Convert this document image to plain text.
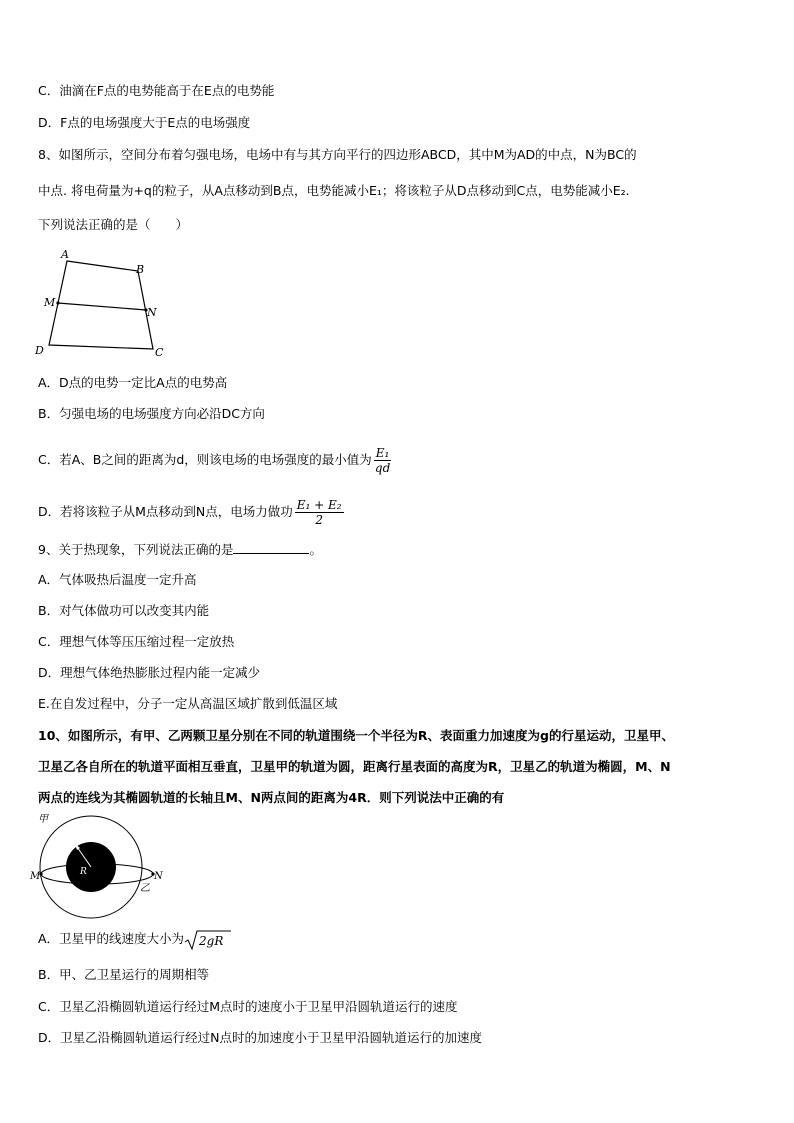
C．油滴在F点的电势能高于在E点的电势能
D．F点的电场强度大于E点的电场强度
8、如图所示，空间分布着匀强电场，电场中有与其方向平行的四边形ABCD，其中M为AD的中点，N为BC的
中点. 将电荷量为+q的粒子，从A点移动到B点，电势能减小E₁；将该粒子从D点移动到C点，电势能减小E₂.
下列说法正确的是（　　）
A
B
M
N
D	C
A．D点的电势一定比A点的电势高
B．匀强电场的电场强度方向必沿DC方向
C．若A、B之间的距离为d，则该电场的电场强度的最小值为 $\frac{\text{E₁}}{qd}$
D．若将该粒子从M点移动到N点，电场力做功 $\frac{\text{E₁ + E₂}}{2}$
9、关于热现象，下列说法正确的是	。
A．气体吸热后温度一定升高
B．对气体做功可以改变其内能
C．理想气体等压压缩过程一定放热
D．理想气体绝热膨胀过程内能一定减少
E.在自发过程中，分子一定从高温区域扩散到低温区域
10、如图所示，有甲、乙两颗卫星分别在不同的轨道围绕一个半径为R、表面重力加速度为g的行星运动，卫星甲、
卫星乙各自所在的轨道平面相互垂直，卫星甲的轨道为圆，距离行星表面的高度为R，卫星乙的轨道为椭圆，M、N
两点的连线为其椭圆轨道的长轴且M、N两点间的距离为4R．则下列说法中正确的有
甲
R
M	N
乙
A．卫星甲的线速度大小为 2gR
B．甲、乙卫星运行的周期相等
C．卫星乙沿椭圆轨道运行经过M点时的速度小于卫星甲沿圆轨道运行的速度
D．卫星乙沿椭圆轨道运行经过N点时的加速度小于卫星甲沿圆轨道运行的加速度
